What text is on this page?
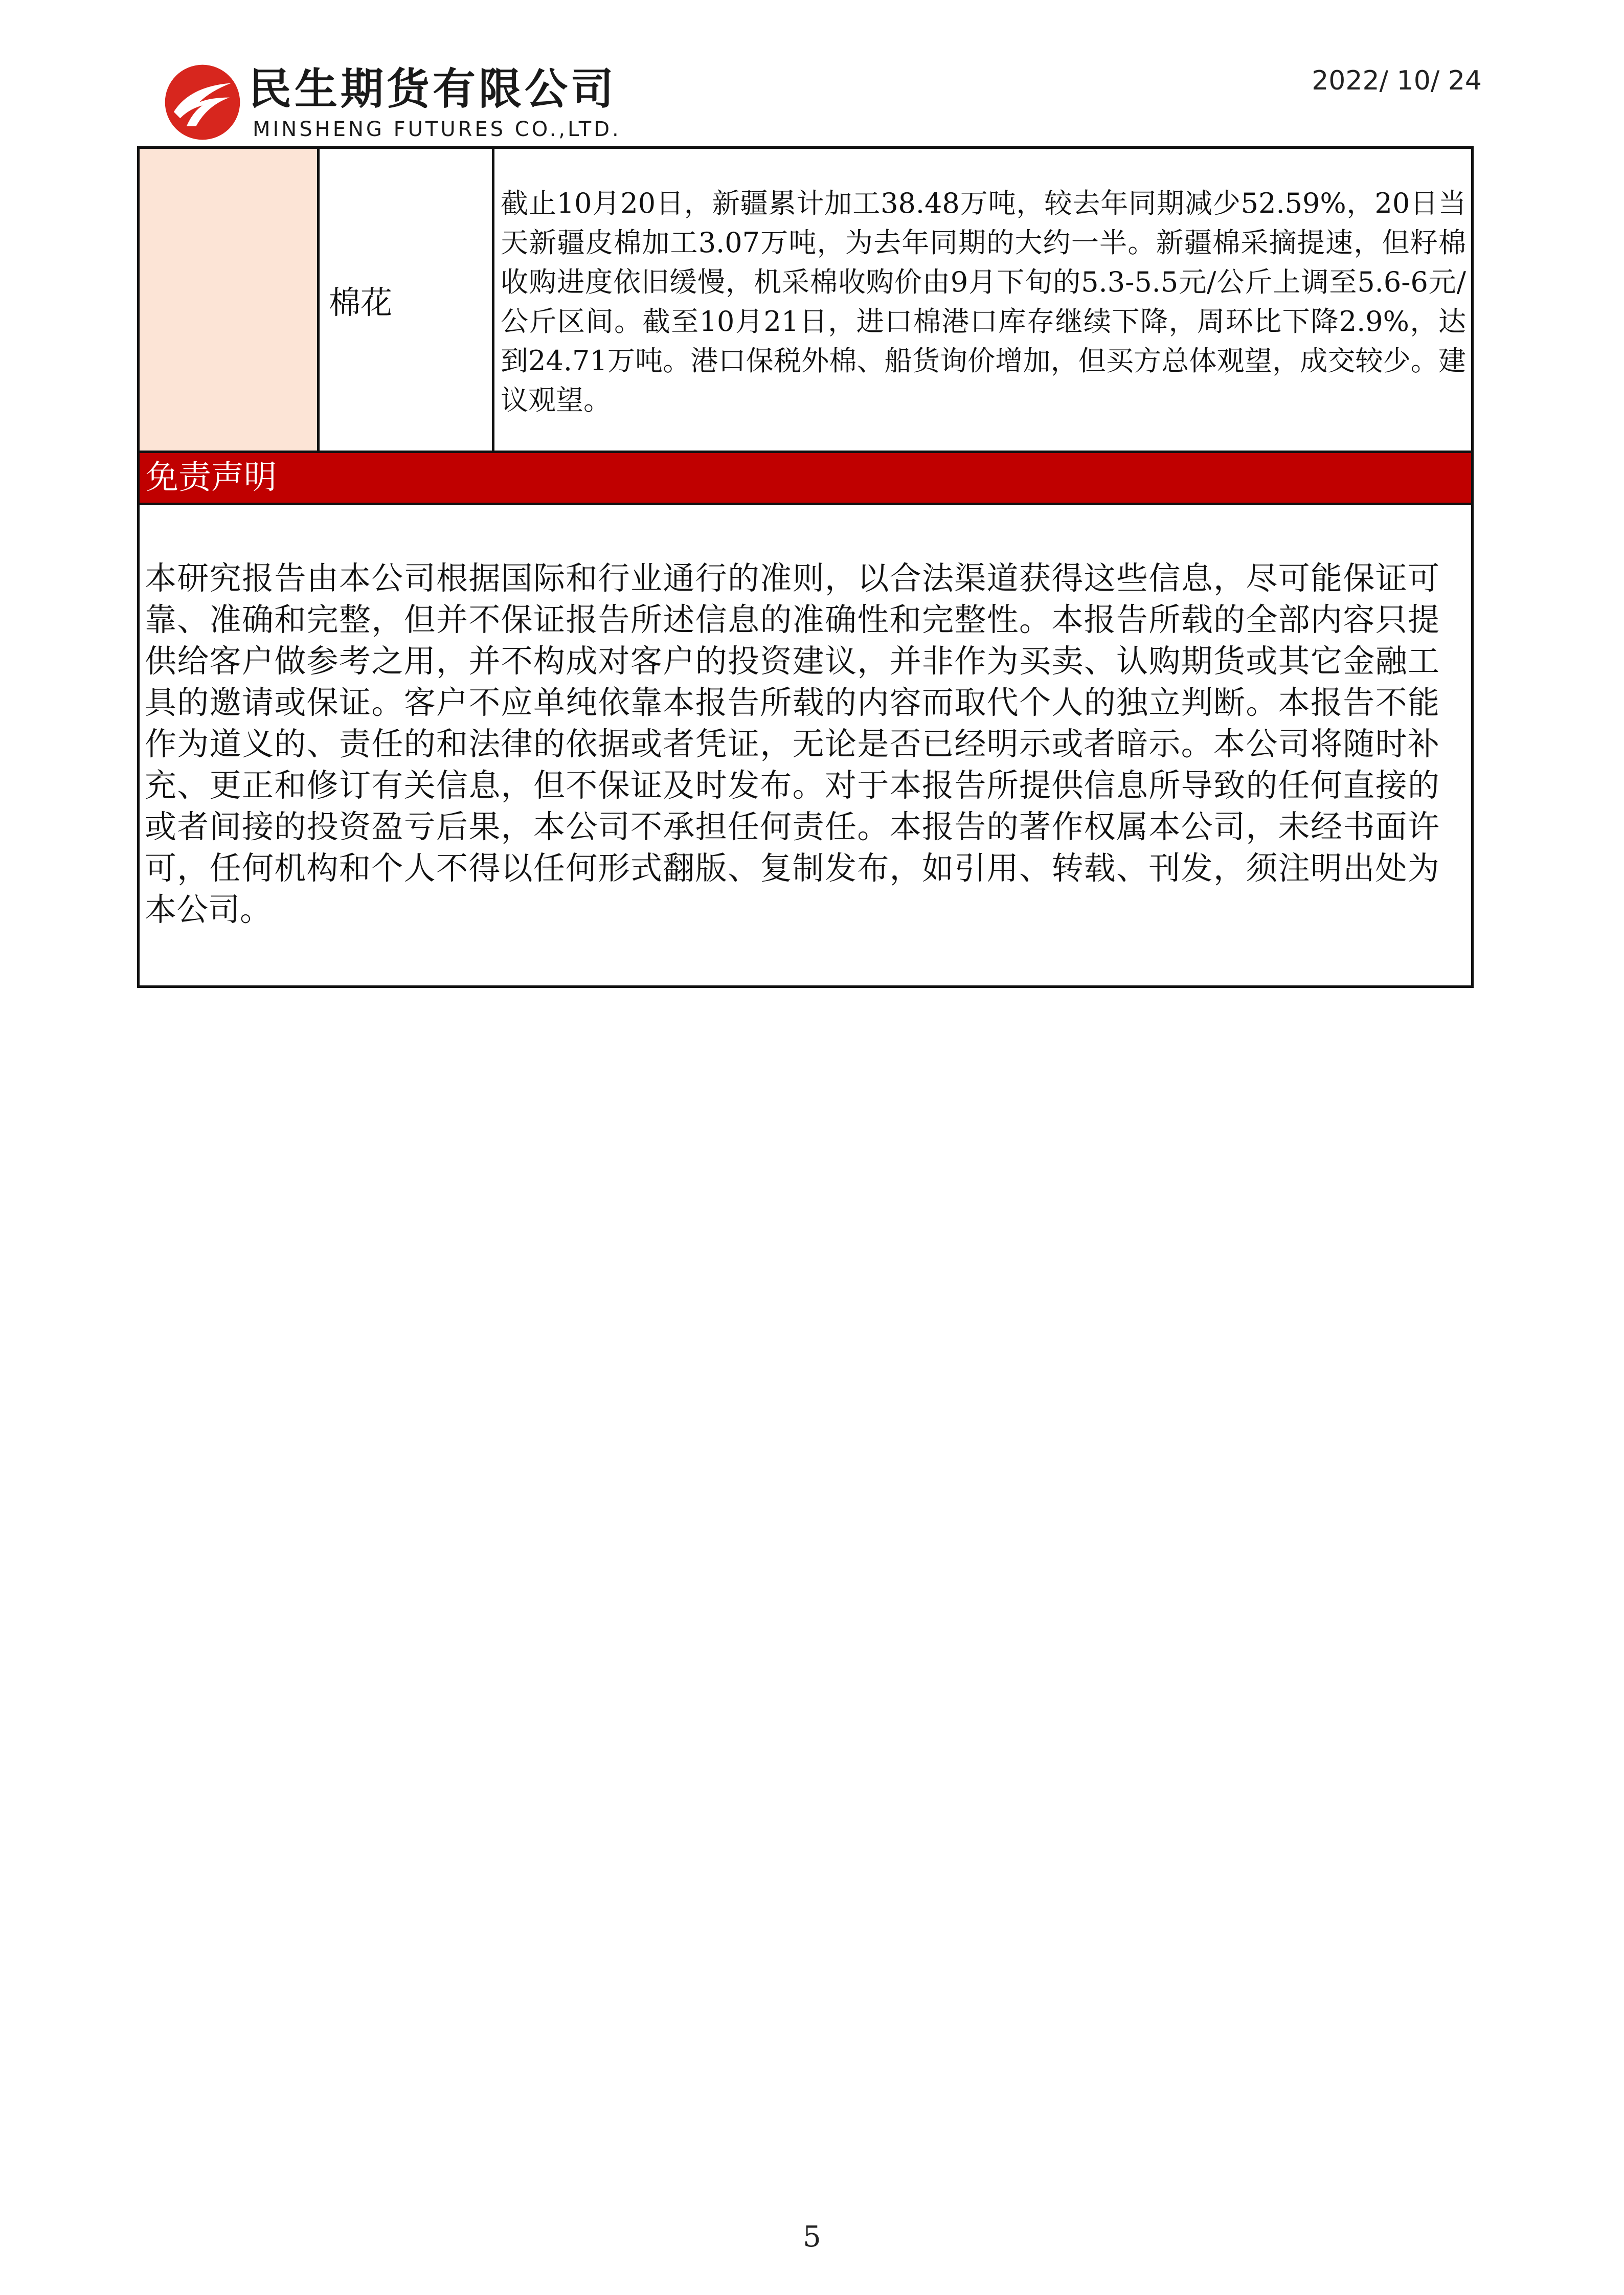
民生期货有限公司
MINSHENG FUTURES CO.,LTD.
2022/ 10/ 24
棉花
截止10月20日，新疆累计加工38.48万吨，较去年同期减少52.59%，20日当天新疆皮棉加工3.07万吨，为去年同期的大约一半。新疆棉采摘提速，但籽棉收购进度依旧缓慢，机采棉收购价由9月下旬的5.3-5.5元/公斤上调至5.6-6元/公斤区间。截至10月21日，进口棉港口库存继续下降，周环比下降2.9%，达到24.71万吨。港口保税外棉、船货询价增加，但买方总体观望，成交较少。建议观望。
免责声明
本研究报告由本公司根据国际和行业通行的准则，以合法渠道获得这些信息，尽可能保证可靠、准确和完整，但并不保证报告所述信息的准确性和完整性。本报告所载的全部内容只提供给客户做参考之用，并不构成对客户的投资建议，并非作为买卖、认购期货或其它金融工具的邀请或保证。客户不应单纯依靠本报告所载的内容而取代个人的独立判断。本报告不能作为道义的、责任的和法律的依据或者凭证，无论是否已经明示或者暗示。本公司将随时补充、更正和修订有关信息，但不保证及时发布。对于本报告所提供信息所导致的任何直接的或者间接的投资盈亏后果，本公司不承担任何责任。本报告的著作权属本公司，未经书面许可，任何机构和个人不得以任何形式翻版、复制发布，如引用、转载、刊发，须注明出处为本公司。
5
